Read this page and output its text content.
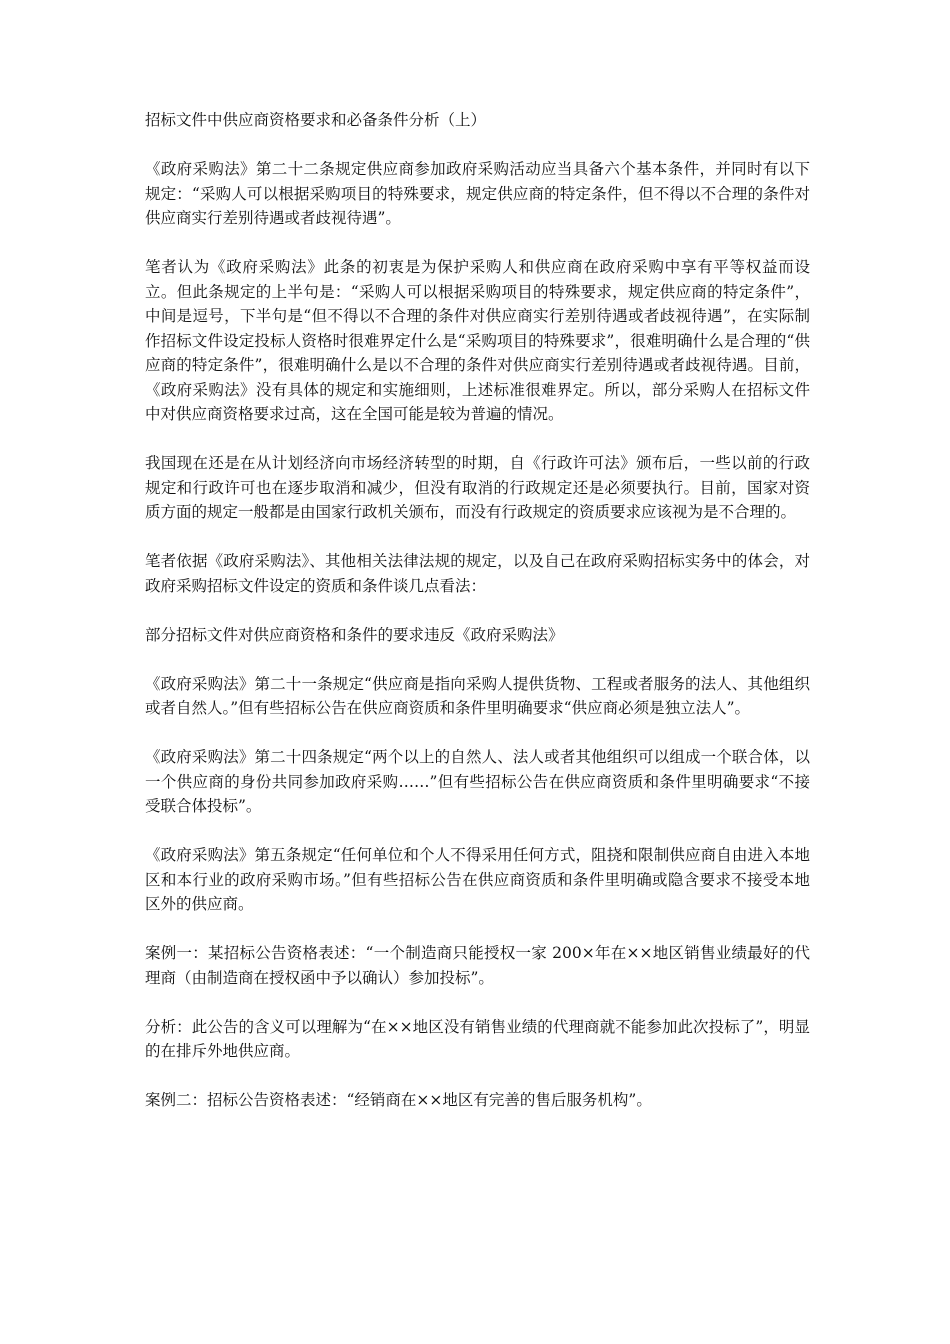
招标文件中供应商资格要求和必备条件分析（上）

《政府采购法》第二十二条规定供应商参加政府采购活动应当具备六个基本条件，并同时有以下规定：“采购人可以根据采购项目的特殊要求，规定供应商的特定条件，但不得以不合理的条件对供应商实行差别待遇或者歧视待遇”。

笔者认为《政府采购法》此条的初衷是为保护采购人和供应商在政府采购中享有平等权益而设立。但此条规定的上半句是：“采购人可以根据采购项目的特殊要求，规定供应商的特定条件”，中间是逗号，下半句是“但不得以不合理的条件对供应商实行差别待遇或者歧视待遇”，在实际制作招标文件设定投标人资格时很难界定什么是“采购项目的特殊要求”，很难明确什么是合理的“供应商的特定条件”，很难明确什么是以不合理的条件对供应商实行差别待遇或者歧视待遇。目前，《政府采购法》没有具体的规定和实施细则，上述标准很难界定。所以，部分采购人在招标文件中对供应商资格要求过高，这在全国可能是较为普遍的情况。

我国现在还是在从计划经济向市场经济转型的时期，自《行政许可法》颁布后，一些以前的行政规定和行政许可也在逐步取消和减少，但没有取消的行政规定还是必须要执行。目前，国家对资质方面的规定一般都是由国家行政机关颁布，而没有行政规定的资质要求应该视为是不合理的。

笔者依据《政府采购法》、其他相关法律法规的规定，以及自己在政府采购招标实务中的体会，对政府采购招标文件设定的资质和条件谈几点看法：

部分招标文件对供应商资格和条件的要求违反《政府采购法》

《政府采购法》第二十一条规定“供应商是指向采购人提供货物、工程或者服务的法人、其他组织或者自然人。”但有些招标公告在供应商资质和条件里明确要求“供应商必须是独立法人”。

《政府采购法》第二十四条规定“两个以上的自然人、法人或者其他组织可以组成一个联合体，以一个供应商的身份共同参加政府采购……”但有些招标公告在供应商资质和条件里明确要求“不接受联合体投标”。

《政府采购法》第五条规定“任何单位和个人不得采用任何方式，阻挠和限制供应商自由进入本地区和本行业的政府采购市场。”但有些招标公告在供应商资质和条件里明确或隐含要求不接受本地区外的供应商。

案例一：某招标公告资格表述：“一个制造商只能授权一家 200×年在××地区销售业绩最好的代理商（由制造商在授权函中予以确认）参加投标”。

分析：此公告的含义可以理解为“在××地区没有销售业绩的代理商就不能参加此次投标了”，明显的在排斥外地供应商。

案例二：招标公告资格表述：“经销商在××地区有完善的售后服务机构”。
